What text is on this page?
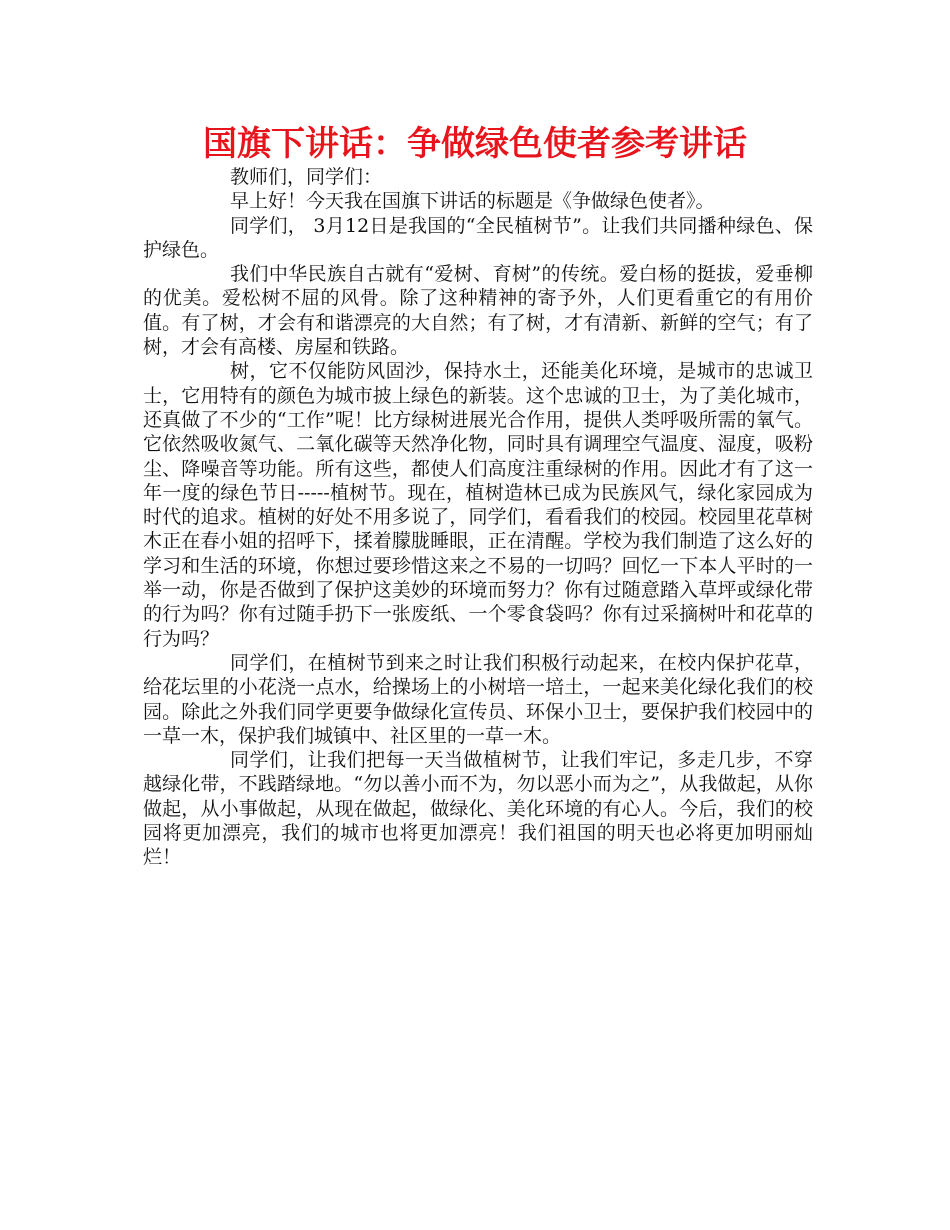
国旗下讲话：争做绿色使者参考讲话

教师们，同学们：

早上好！今天我在国旗下讲话的标题是《争做绿色使者》。

同学们， 3月12日是我国的“全民植树节”。让我们共同播种绿色、保护绿色。

我们中华民族自古就有“爱树、育树”的传统。爱白杨的挺拔，爱垂柳的优美。爱松树不屈的风骨。除了这种精神的寄予外，人们更看重它的有用价值。有了树，才会有和谐漂亮的大自然；有了树，才有清新、新鲜的空气；有了树，才会有高楼、房屋和铁路。

树，它不仅能防风固沙，保持水土，还能美化环境，是城市的忠诚卫士，它用特有的颜色为城市披上绿色的新装。这个忠诚的卫士，为了美化城市，还真做了不少的“工作”呢！比方绿树进展光合作用，提供人类呼吸所需的氧气。它依然吸收氮气、二氧化碳等天然净化物，同时具有调理空气温度、湿度，吸粉尘、降噪音等功能。所有这些，都使人们高度注重绿树的作用。因此才有了这一年一度的绿色节日-----植树节。现在，植树造林已成为民族风气，绿化家园成为时代的追求。植树的好处不用多说了，同学们，看看我们的校园。校园里花草树木正在春小姐的招呼下，揉着朦胧睡眼，正在清醒。学校为我们制造了这么好的学习和生活的环境，你想过要珍惜这来之不易的一切吗？回忆一下本人平时的一举一动，你是否做到了保护这美妙的环境而努力？你有过随意踏入草坪或绿化带的行为吗？你有过随手扔下一张废纸、一个零食袋吗？你有过采摘树叶和花草的行为吗？

同学们，在植树节到来之时让我们积极行动起来，在校内保护花草，给花坛里的小花浇一点水，给操场上的小树培一培土，一起来美化绿化我们的校园。除此之外我们同学更要争做绿化宣传员、环保小卫士，要保护我们校园中的一草一木，保护我们城镇中、社区里的一草一木。

同学们，让我们把每一天当做植树节，让我们牢记，多走几步，不穿越绿化带，不践踏绿地。“勿以善小而不为，勿以恶小而为之”，从我做起，从你做起，从小事做起，从现在做起，做绿化、美化环境的有心人。今后，我们的校园将更加漂亮，我们的城市也将更加漂亮！我们祖国的明天也必将更加明丽灿烂！
